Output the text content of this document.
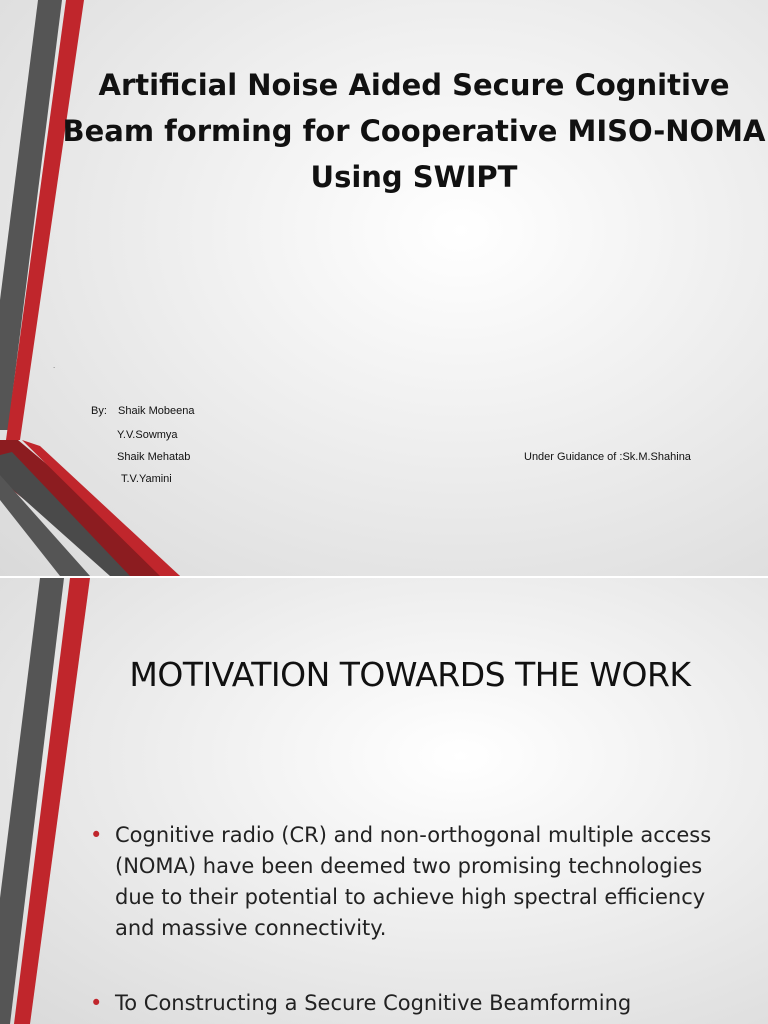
Artificial Noise Aided Secure Cognitive Beam forming for Cooperative MISO-NOMA Using SWIPT
.
By: Shaik Mobeena
Y.V.Sowmya
Shaik Mehatab
T.V.Yamini
Under Guidance of :Sk.M.Shahina
MOTIVATION TOWARDS THE WORK
• Cognitive radio (CR) and non-orthogonal multiple access (NOMA) have been deemed two promising technologies due to their potential to achieve high spectral efficiency and massive connectivity.
• To Constructing a Secure Cognitive Beamforming
